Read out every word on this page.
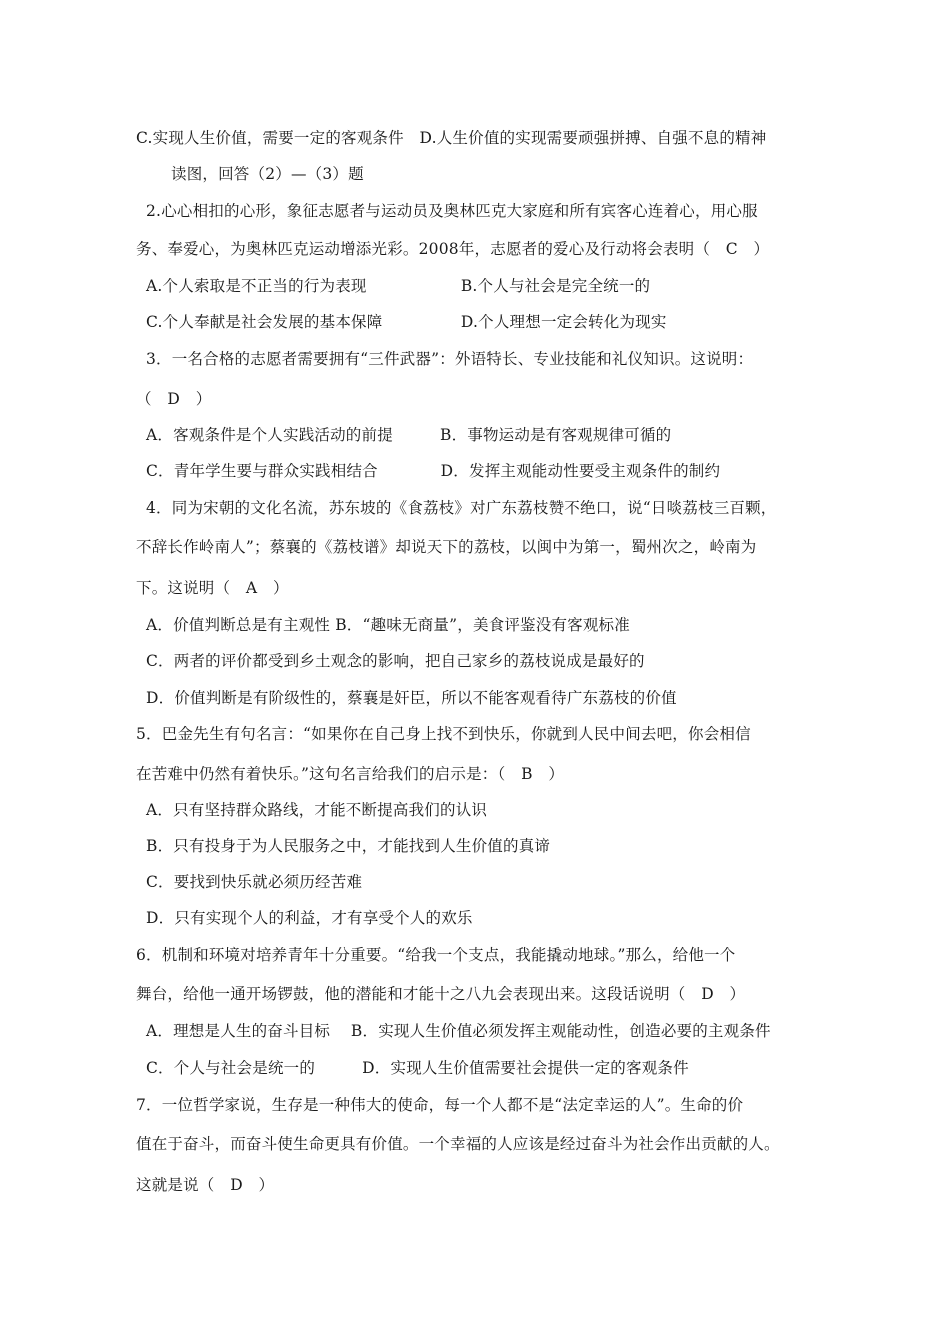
C.实现人生价值，需要一定的客观条件　D.人生价值的实现需要顽强拼搏、自强不息的精神
读图，回答（2）—（3）题
2.心心相扣的心形，象征志愿者与运动员及奥林匹克大家庭和所有宾客心连着心，用心服
务、奉爱心，为奥林匹克运动增添光彩。2008年，志愿者的爱心及行动将会表明（　C　）
A.个人索取是不正当的行为表现　　　　　　B.个人与社会是完全统一的
C.个人奉献是社会发展的基本保障　　　　　D.个人理想一定会转化为现实
3．一名合格的志愿者需要拥有“三件武器”：外语特长、专业技能和礼仪知识。这说明：
（　D　）
A．客观条件是个人实践活动的前提　　　B．事物运动是有客观规律可循的
C．青年学生要与群众实践相结合　　　　D．发挥主观能动性要受主观条件的制约
4．同为宋朝的文化名流，苏东坡的《食荔枝》对广东荔枝赞不绝口，说“日啖荔枝三百颗，
不辞长作岭南人”；蔡襄的《荔枝谱》却说天下的荔枝，以闽中为第一，蜀州次之，岭南为
下。这说明（　A　）
A．价值判断总是有主观性 B．“趣味无商量”，美食评鉴没有客观标准
C．两者的评价都受到乡土观念的影响，把自己家乡的荔枝说成是最好的
D．价值判断是有阶级性的，蔡襄是奸臣，所以不能客观看待广东荔枝的价值
5．巴金先生有句名言：“如果你在自己身上找不到快乐，你就到人民中间去吧，你会相信
在苦难中仍然有着快乐。”这句名言给我们的启示是：（　B　）
A．只有坚持群众路线，才能不断提高我们的认识
B．只有投身于为人民服务之中，才能找到人生价值的真谛
C．要找到快乐就必须历经苦难
D．只有实现个人的利益，才有享受个人的欢乐
6．机制和环境对培养青年十分重要。“给我一个支点，我能撬动地球。”那么，给他一个
舞台，给他一通开场锣鼓，他的潜能和才能十之八九会表现出来。这段话说明（　D　）
A．理想是人生的奋斗目标　 B．实现人生价值必须发挥主观能动性，创造必要的主观条件
C．个人与社会是统一的　　　D．实现人生价值需要社会提供一定的客观条件
7．一位哲学家说，生存是一种伟大的使命，每一个人都不是“法定幸运的人”。生命的价
值在于奋斗，而奋斗使生命更具有价值。一个幸福的人应该是经过奋斗为社会作出贡献的人。
这就是说（　D　）
